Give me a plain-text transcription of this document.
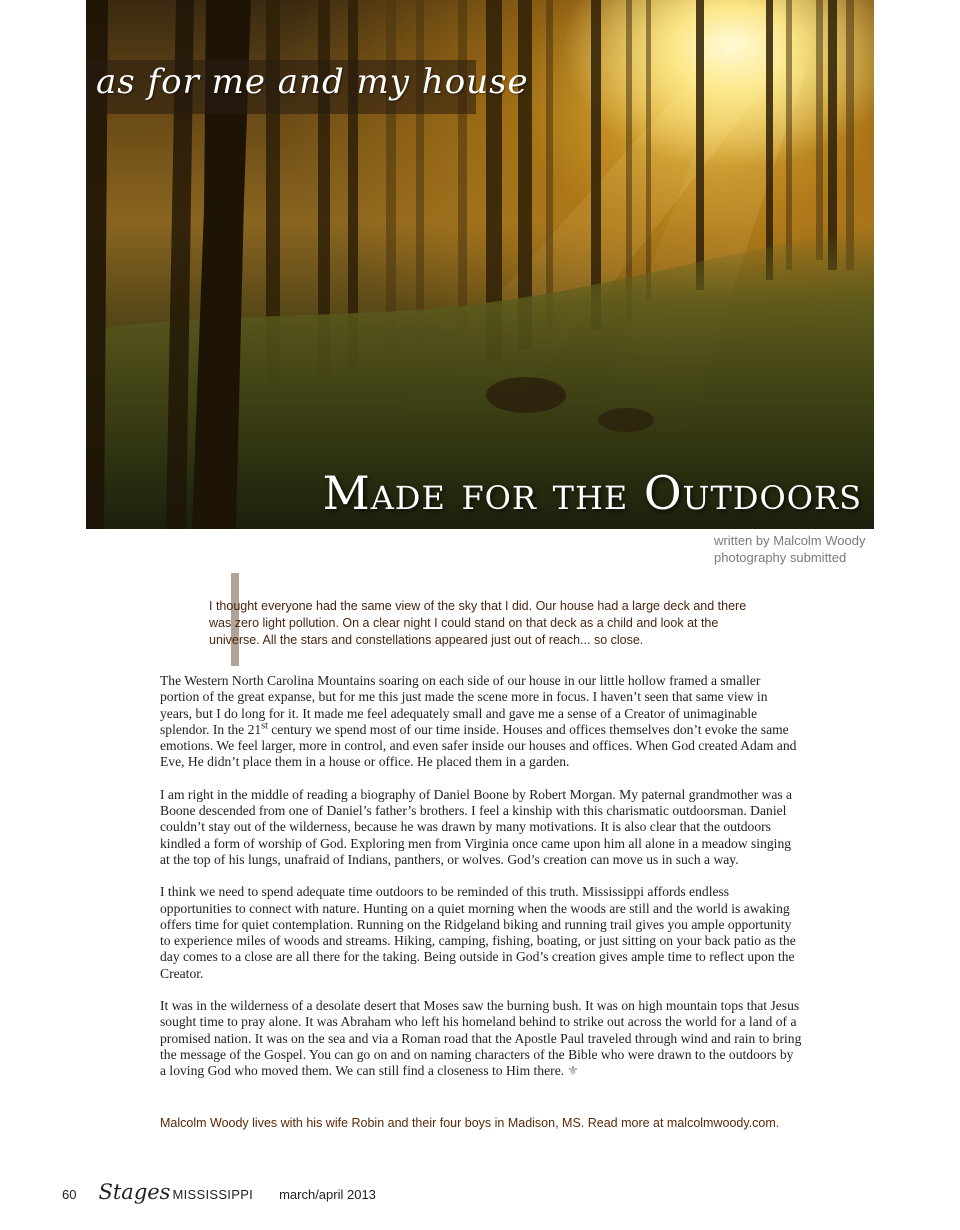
as for me and my house
Made for the Outdoors
written by Malcolm Woody
photography submitted
I thought everyone had the same view of the sky that I did. Our house had a large deck and there was zero light pollution. On a clear night I could stand on that deck as a child and look at the universe. All the stars and constellations appeared just out of reach... so close.

The Western North Carolina Mountains soaring on each side of our house in our little hollow framed a smaller portion of the great expanse, but for me this just made the scene more in focus. I haven’t seen that same view in years, but I do long for it. It made me feel adequately small and gave me a sense of a Creator of unimaginable splendor. In the 21st century we spend most of our time inside. Houses and offices themselves don’t evoke the same emotions. We feel larger, more in control, and even safer inside our houses and offices. When God created Adam and Eve, He didn’t place them in a house or office. He placed them in a garden.

I am right in the middle of reading a biography of Daniel Boone by Robert Morgan. My paternal grandmother was a Boone descended from one of Daniel’s father’s brothers. I feel a kinship with this charismatic outdoorsman. Daniel couldn’t stay out of the wilderness, because he was drawn by many motivations. It is also clear that the outdoors kindled a form of worship of God. Exploring men from Virginia once came upon him all alone in a meadow singing at the top of his lungs, unafraid of Indians, panthers, or wolves. God’s creation can move us in such a way.

I think we need to spend adequate time outdoors to be reminded of this truth. Mississippi affords endless opportunities to connect with nature. Hunting on a quiet morning when the woods are still and the world is awaking offers time for quiet contemplation. Running on the Ridgeland biking and running trail gives you ample opportunity to experience miles of woods and streams. Hiking, camping, fishing, boating, or just sitting on your back patio as the day comes to a close are all there for the taking. Being outside in God’s creation gives ample time to reflect upon the Creator.

It was in the wilderness of a desolate desert that Moses saw the burning bush. It was on high mountain tops that Jesus sought time to pray alone. It was Abraham who left his homeland behind to strike out across the world for a land of a promised nation. It was on the sea and via a Roman road that the Apostle Paul traveled through wind and rain to bring the message of the Gospel. You can go on and on naming characters of the Bible who were drawn to the outdoors by a loving God who moved them. We can still find a closeness to Him there. ⚜

Malcolm Woody lives with his wife Robin and their four boys in Madison, MS. Read more at malcolmwoody.com.
60 Stages MISSISSIPPI march/april 2013
